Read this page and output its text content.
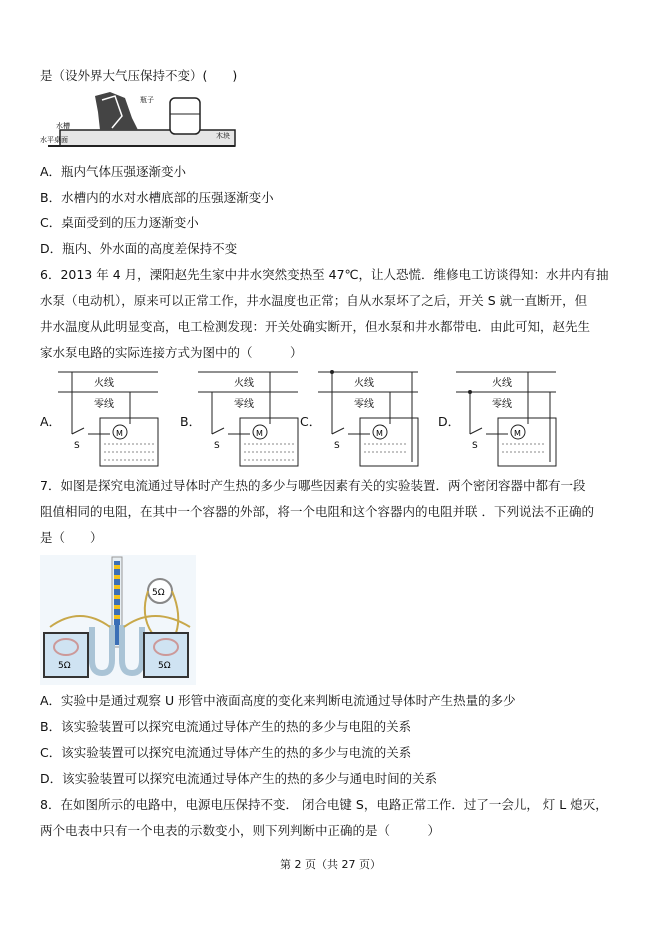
是（设外界大气压保持不变）(　　)
瓶子
水槽
水平桌面	木块
A．瓶内气体压强逐渐变小
B．水槽内的水对水槽底部的压强逐渐变小
C．桌面受到的压力逐渐变小
D．瓶内、外水面的高度差保持不变
6．2013 年 4 月，溧阳赵先生家中井水突然变热至 47℃，让人恐慌．维修电工访谈得知：水井内有抽
水泵（电动机），原来可以正常工作，井水温度也正常；自从水泵坏了之后，开关 S 就一直断开，但
井水温度从此明显变高，电工检测发现：开关处确实断开，但水泵和井水都带电．由此可知，赵先生
家水泵电路的实际连接方式为图中的（　　　）
A．
火线
零线
S
M
B．
火线
零线
S
M
C．
火线
零线
S
M
D．
火线
零线
S
M
7．如图是探究电流通过导体时产生热的多少与哪些因素有关的实验装置．两个密闭容器中都有一段
阻值相同的电阻，在其中一个容器的外部，将一个电阻和这个容器内的电阻并联 ．下列说法不正确的
是（　　）
5Ω
5Ω	5Ω
A．实验中是通过观察 U 形管中液面高度的变化来判断电流通过导体时产生热量的多少
B．该实验装置可以探究电流通过导体产生的热的多少与电阻的关系
C．该实验装置可以探究电流通过导体产生的热的多少与电流的关系
D．该实验装置可以探究电流通过导体产生的热的多少与通电时间的关系
8．在如图所示的电路中，电源电压保持不变． 闭合电键 S，电路正常工作．过了一会儿， 灯 L 熄灭，
两个电表中只有一个电表的示数变小，则下列判断中正确的是（　　　）
第 2 页（共 27 页）
